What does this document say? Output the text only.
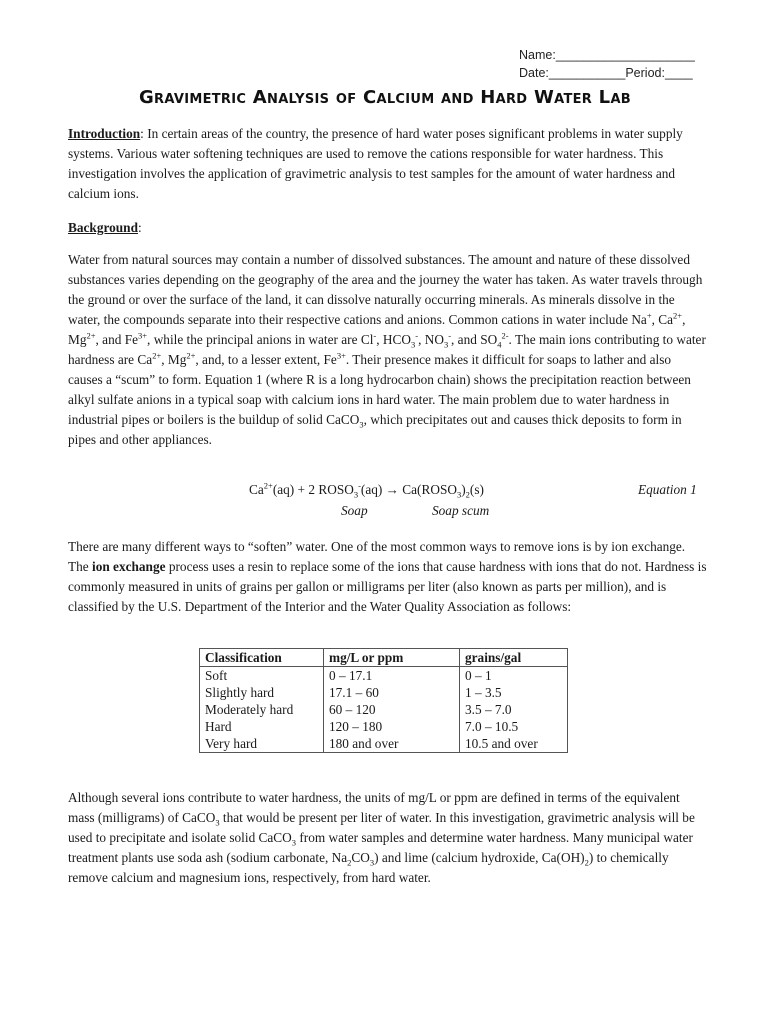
Name:____________________
Date:___________Period:____
Gravimetric Analysis of Calcium and Hard Water Lab
Introduction: In certain areas of the country, the presence of hard water poses significant problems in water supply systems. Various water softening techniques are used to remove the cations responsible for water hardness. This investigation involves the application of gravimetric analysis to test samples for the amount of water hardness and calcium ions.
Background:
Water from natural sources may contain a number of dissolved substances. The amount and nature of these dissolved substances varies depending on the geography of the area and the journey the water has taken. As water travels through the ground or over the surface of the land, it can dissolve naturally occurring minerals. As minerals dissolve in the water, the compounds separate into their respective cations and anions. Common cations in water include Na+, $Ca^{2+}$, $Mg^{2+}$, and $Fe^{3+}$, while the principal anions in water are Cl-, $HCO_3^-$, $NO_3^-$, and $SO_4^{2-}$. The main ions contributing to water hardness are $Ca^{2+}$, $Mg^{2+}$, and, to a lesser extent, $Fe^{3+}$. Their presence makes it difficult for soaps to lather and also causes a “scum” to form. Equation 1 (where R is a long hydrocarbon chain) shows the precipitation reaction between alkyl sulfate anions in a typical soap with calcium ions in hard water. The main problem due to water hardness in industrial pipes or boilers is the buildup of solid CaCO$_3$, which precipitates out and causes thick deposits to form in pipes and other appliances.
$Ca^{2+}(aq) + 2$ $ROSO_3^-(aq)$ → $Ca(ROSO_3)_2(s)$	Equation 1
Soap	Soap scum
There are many different ways to “soften” water. One of the most common ways to remove ions is by ion exchange. The ion exchange process uses a resin to replace some of the ions that cause hardness with ions that do not. Hardness is commonly measured in units of grains per gallon or milligrams per liter (also known as parts per million), and is classified by the U.S. Department of the Interior and the Water Quality Association as follows:
Classification	mg/L or ppm	grains/gal
Soft	0 – 17.1	0 – 1
Slightly hard	17.1 – 60	1 – 3.5
Moderately hard	60 – 120	3.5 – 7.0
Hard	120 – 180	7.0 – 10.5
Very hard	180 and over	10.5 and over
Although several ions contribute to water hardness, the units of mg/L or ppm are defined in terms of the equivalent mass (milligrams) of CaCO$_3$ that would be present per liter of water. In this investigation, gravimetric analysis will be used to precipitate and isolate solid CaCO$_3$ from water samples and determine water hardness. Many municipal water treatment plants use soda ash (sodium carbonate, $Na_2CO_3$) and lime (calcium hydroxide, $Ca(OH)_2$) to chemically remove calcium and magnesium ions, respectively, from hard water.
